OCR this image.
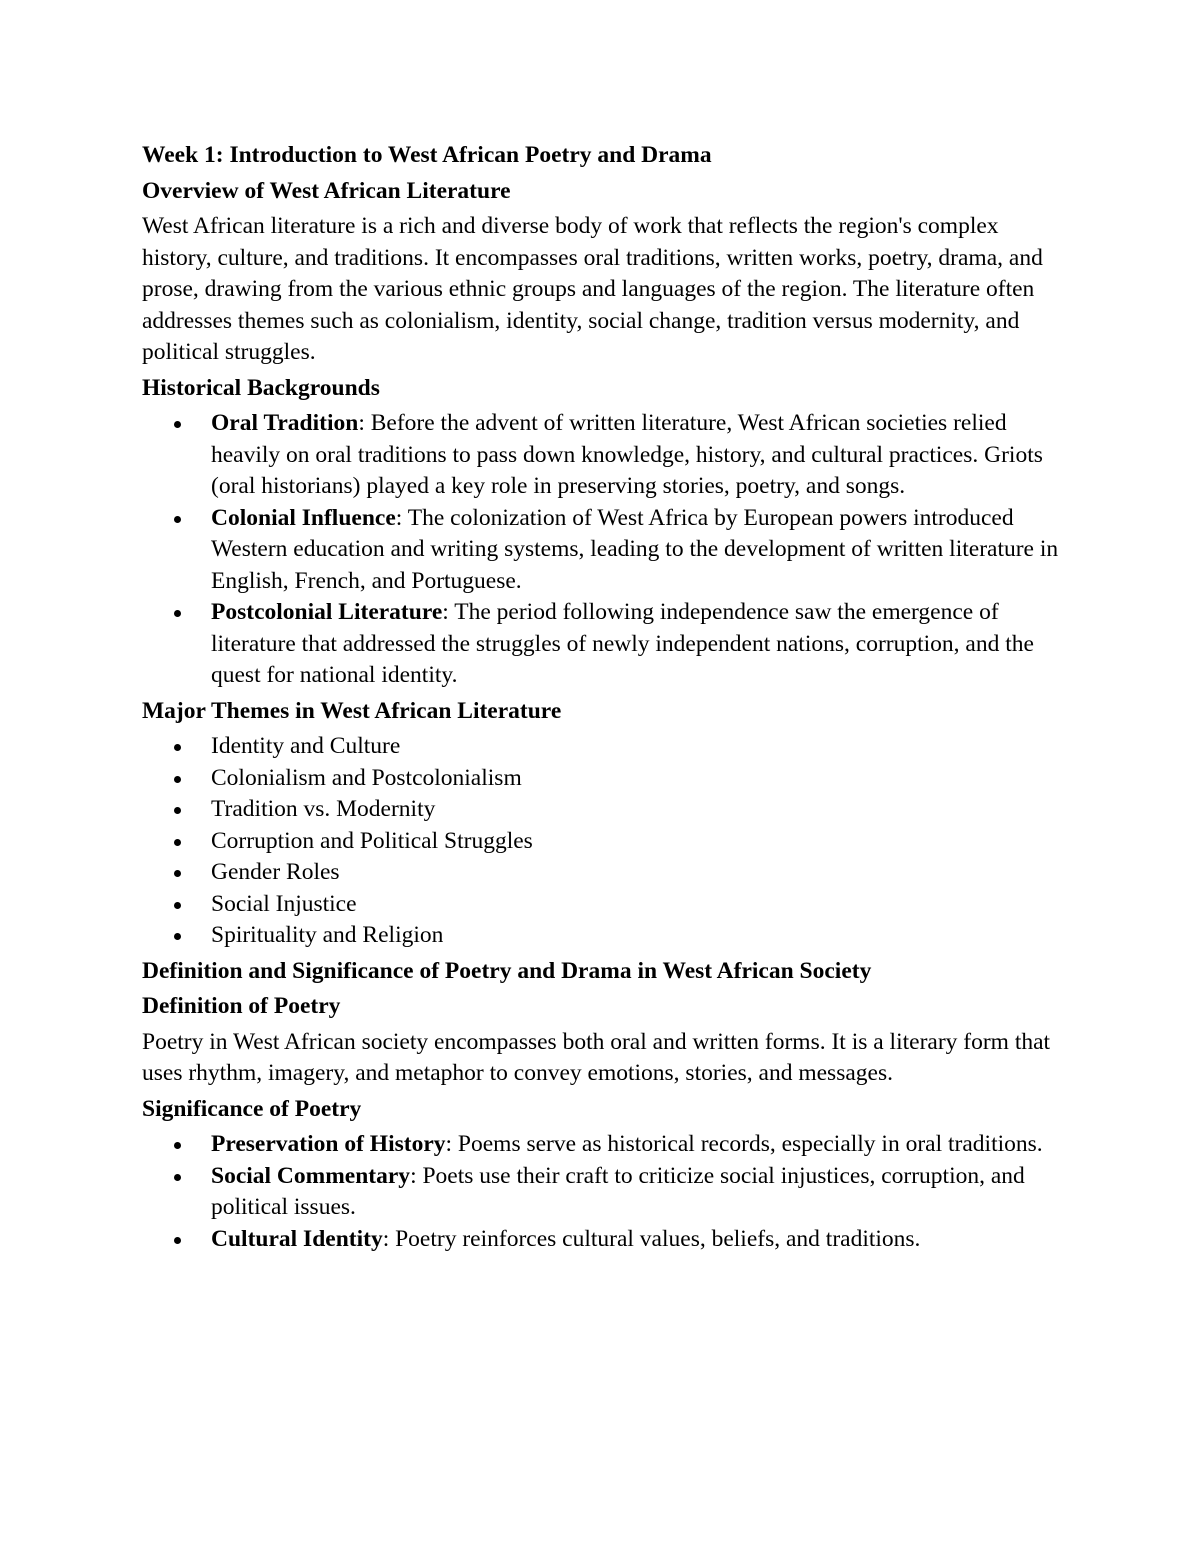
Week 1: Introduction to West African Poetry and Drama
Overview of West African Literature
West African literature is a rich and diverse body of work that reflects the region's complex history, culture, and traditions. It encompasses oral traditions, written works, poetry, drama, and prose, drawing from the various ethnic groups and languages of the region. The literature often addresses themes such as colonialism, identity, social change, tradition versus modernity, and political struggles.
Historical Backgrounds
Oral Tradition: Before the advent of written literature, West African societies relied heavily on oral traditions to pass down knowledge, history, and cultural practices. Griots (oral historians) played a key role in preserving stories, poetry, and songs.
Colonial Influence: The colonization of West Africa by European powers introduced Western education and writing systems, leading to the development of written literature in English, French, and Portuguese.
Postcolonial Literature: The period following independence saw the emergence of literature that addressed the struggles of newly independent nations, corruption, and the quest for national identity.
Major Themes in West African Literature
Identity and Culture
Colonialism and Postcolonialism
Tradition vs. Modernity
Corruption and Political Struggles
Gender Roles
Social Injustice
Spirituality and Religion
Definition and Significance of Poetry and Drama in West African Society
Definition of Poetry
Poetry in West African society encompasses both oral and written forms. It is a literary form that uses rhythm, imagery, and metaphor to convey emotions, stories, and messages.
Significance of Poetry
Preservation of History: Poems serve as historical records, especially in oral traditions.
Social Commentary: Poets use their craft to criticize social injustices, corruption, and political issues.
Cultural Identity: Poetry reinforces cultural values, beliefs, and traditions.
